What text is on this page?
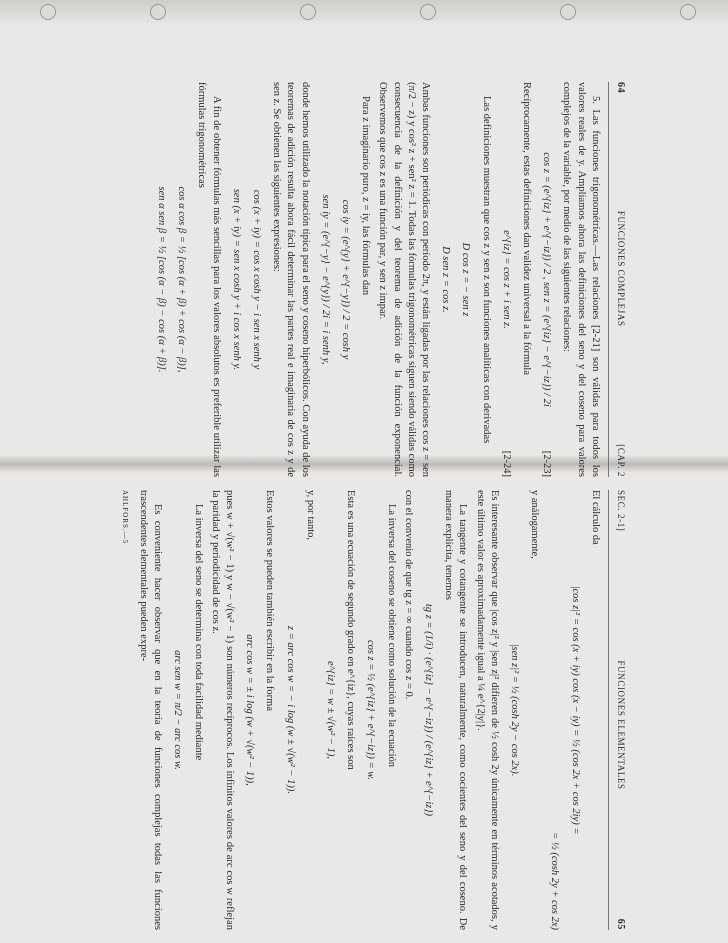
64
FUNCIONES COMPLEJAS
[CAP. 2

5. Las funciones trigonométricas.—Las relaciones [2-21] son válidas para todos los valores reales de y. Ampliamos ahora las definiciones del seno y del coseno para valores complejos de la variable, por medio de las siguientes relaciones:

cos z = (e^{iz} + e^{−iz}) / 2 , sen z = (e^{iz} − e^{−iz}) / 2i
[2-23]

Recíprocamente, estas definiciones dan validez universal a la fórmula

e^{iz} = cos z + i sen z.
[2-24]

Las definiciones muestran que cos z y sen z son funciones analíticas con derivadas

D cos z = − sen z
D sen z = cos z.

Ambas funciones son periódicas con período 2π, y están ligadas por las relaciones cos z = sen (π/2 − z) y cos² z + sen² z = 1. Todas las fórmulas trigonométricas siguen siendo válidas como consecuencia de la definición y del teorema de adición de la función exponencial. Observemos que cos z es una función par, y sen z impar.

Para z imaginario puro, z = iy, las fórmulas dan

cos iy = (e^{y} + e^{−y}) / 2 = cosh y
sen iy = (e^{−y} − e^{y}) / 2i = i senh y,

donde hemos utilizado la notación típica para el seno y coseno hiperbólicos. Con ayuda de los teoremas de adición resulta ahora fácil determinar las partes real e imaginaria de cos z y de sen z. Se obtienen las siguientes expresiones:

cos (x + iy) = cos x cosh y − i sen x senh y
sen (x + iy) = sen x cosh y + i cos x senh y.

A fin de obtener fórmulas más sencillas para los valores absolutos es preferible utilizar las fórmulas trigonométricas

cos α cos β = ½ [cos (α + β) + cos (α − β)],
sen α sen β = ½ [cos (α − β) − cos (α + β)].
SEC. 2-1]
FUNCIONES ELEMENTALES
65

El cálculo da

|cos z|² = cos (x + iy) cos (x − iy) = ½ (cos 2x + cos 2iy) =
= ½ (cosh 2y + cos 2x)

y análogamente,

|sen z|² = ½ (cosh 2y − cos 2x).

Es interesante observar que |cos z|² y |sen z|² difieren de ½ cosh 2y únicamente en términos acotados, y este último valor es aproximadamente igual a ¼ e^{2|y|}.

La tangente y cotangente se introducen, naturalmente, como cocientes del seno y del coseno. De manera explícita, tenemos

tg z = (1/i) · (e^{iz} − e^{−iz}) / (e^{iz} + e^{−iz})

con el convenio de que tg z = ∞ cuando cos z = 0.

La inversa del coseno se obtiene como solución de la ecuación

cos z = ½ (e^{iz} + e^{−iz}) = w.

Esta es una ecuación de segundo grado en e^{iz}, cuyas raíces son

e^{iz} = w ± √(w² − 1),

y, por tanto,

z = arc cos w = − i log (w ± √(w² − 1)).

Estos valores se pueden también escribir en la forma

arc cos w = ± i log (w + √(w² − 1)),

pues w + √(w² − 1) y w − √(w² − 1) son números recíprocos. Los infinitos valores de arc cos w reflejan la paridad y periodicidad de cos z.

La inversa del seno se determina con toda facilidad mediante

arc sen w = π/2 − arc cos w.

Es conveniente hacer observar que en la teoría de funciones complejas todas las funciones trascendentes elementales pueden expre-

AHLFORS.—5
